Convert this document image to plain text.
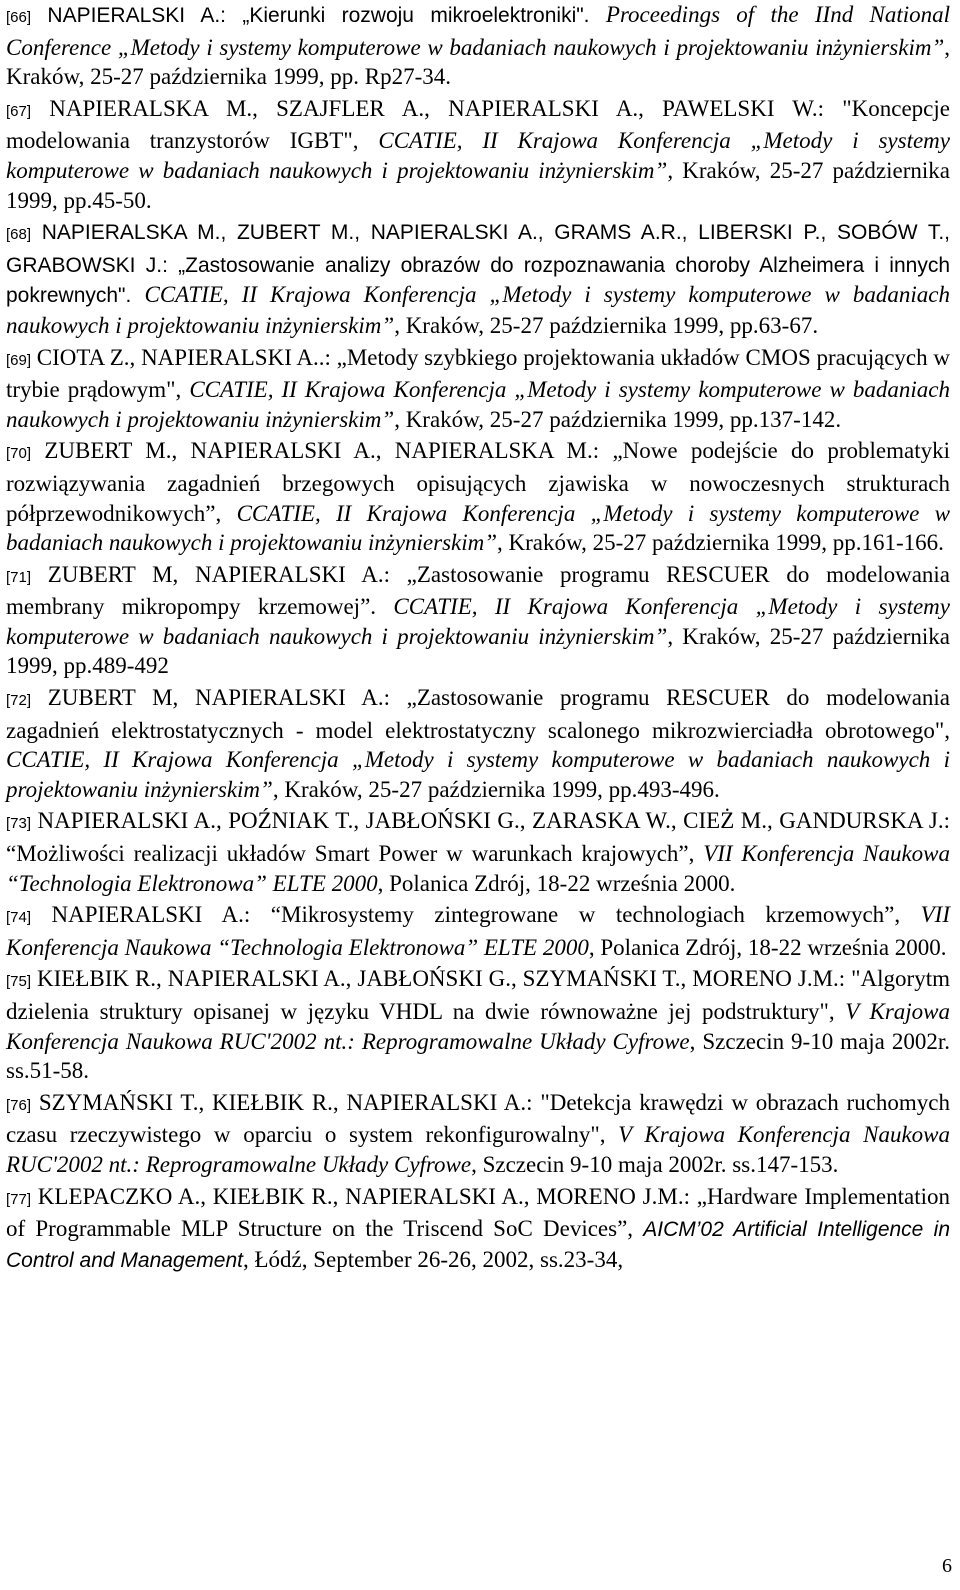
[66] NAPIERALSKI A.: „Kierunki rozwoju mikroelektroniki". Proceedings of the IInd National Conference „Metody i systemy komputerowe w badaniach naukowych i projektowaniu inżynierskim”, Kraków, 25-27 października 1999, pp. Rp27-34.
[67] NAPIERALSKA M., SZAJFLER A., NAPIERALSKI A., PAWELSKI W.: "Koncepcje modelowania tranzystorów IGBT", CCATIE, II Krajowa Konferencja „Metody i systemy komputerowe w badaniach naukowych i projektowaniu inżynierskim”, Kraków, 25-27 października 1999, pp.45-50.
[68] NAPIERALSKA M., ZUBERT M., NAPIERALSKI A., GRAMS A.R., LIBERSKI P., SOBÓW T., GRABOWSKI J.: „Zastosowanie analizy obrazów do rozpoznawania choroby Alzheimera i innych pokrewnych". CCATIE, II Krajowa Konferencja „Metody i systemy komputerowe w badaniach naukowych i projektowaniu inżynierskim”, Kraków, 25-27 października 1999, pp.63-67.
[69] CIOTA Z., NAPIERALSKI A..: „Metody szybkiego projektowania układów CMOS pracujących w trybie prądowym", CCATIE, II Krajowa Konferencja „Metody i systemy komputerowe w badaniach naukowych i projektowaniu inżynierskim”, Kraków, 25-27 października 1999, pp.137-142.
[70] ZUBERT M., NAPIERALSKI A., NAPIERALSKA M.: „Nowe podejście do problematyki rozwiązywania zagadnień brzegowych opisujących zjawiska w nowoczesnych strukturach półprzewodnikowych”, CCATIE, II Krajowa Konferencja „Metody i systemy komputerowe w badaniach naukowych i projektowaniu inżynierskim”, Kraków, 25-27 października 1999, pp.161-166.
[71] ZUBERT M, NAPIERALSKI A.: „Zastosowanie programu RESCUER do modelowania membrany mikropompy krzemowej”. CCATIE, II Krajowa Konferencja „Metody i systemy komputerowe w badaniach naukowych i projektowaniu inżynierskim”, Kraków, 25-27 października 1999, pp.489-492
[72] ZUBERT M, NAPIERALSKI A.: „Zastosowanie programu RESCUER do modelowania zagadnień elektrostatycznych - model elektrostatyczny scalonego mikrozwierciadła obrotowego", CCATIE, II Krajowa Konferencja „Metody i systemy komputerowe w badaniach naukowych i projektowaniu inżynierskim”, Kraków, 25-27 października 1999, pp.493-496.
[73] NAPIERALSKI A., POŹNIAK T., JABŁOŃSKI G., ZARASKA W., CIEŻ M., GANDURSKA J.: “Możliwości realizacji układów Smart Power w warunkach krajowych”, VII Konferencja Naukowa “Technologia Elektronowa” ELTE 2000, Polanica Zdrój, 18-22 września 2000.
[74] NAPIERALSKI A.: “Mikrosystemy zintegrowane w technologiach krzemowych”, VII Konferencja Naukowa “Technologia Elektronowa” ELTE 2000, Polanica Zdrój, 18-22 września 2000.
[75] KIEŁBIK R., NAPIERALSKI A., JABŁOŃSKI G., SZYMAŃSKI T., MORENO J.M.: "Algorytm dzielenia struktury opisanej w języku VHDL na dwie równoważne jej podstruktury", V Krajowa Konferencja Naukowa RUC'2002 nt.: Reprogramowalne Układy Cyfrowe, Szczecin 9-10 maja 2002r. ss.51-58.
[76] SZYMAŃSKI T., KIEŁBIK R., NAPIERALSKI A.: "Detekcja krawędzi w obrazach ruchomych czasu rzeczywistego w oparciu o system rekonfigurowalny", V Krajowa Konferencja Naukowa RUC'2002 nt.: Reprogramowalne Układy Cyfrowe, Szczecin 9-10 maja 2002r. ss.147-153.
[77] KLEPACZKO A., KIEŁBIK R., NAPIERALSKI A., MORENO J.M.: „Hardware Implementation of Programmable MLP Structure on the Triscend SoC Devices”, AICM’02 Artificial Intelligence in Control and Management, Łódź, September 26-26, 2002, ss.23-34,
6
